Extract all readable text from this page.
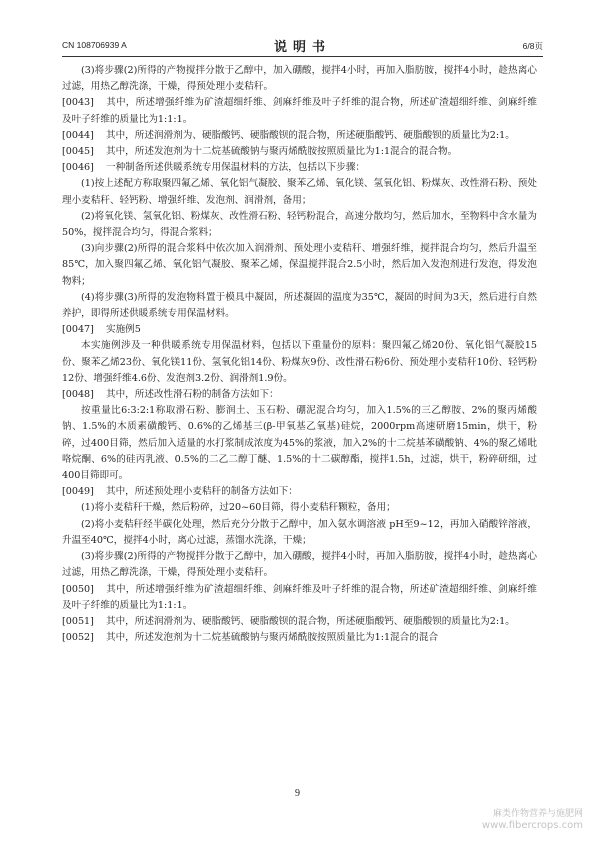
CN 108706939 A	说明书	6/8页

(3)将步骤(2)所得的产物搅拌分散于乙醇中，加入硼酸，搅拌4小时，再加入脂肪胺，搅拌4小时，趁热离心过滤，用热乙醇洗涤，干燥，得预处理小麦秸秆。

[0043] 其中，所述增强纤维为矿渣超细纤维、剑麻纤维及叶子纤维的混合物，所述矿渣超细纤维、剑麻纤维及叶子纤维的质量比为1:1:1。

[0044] 其中，所述润滑剂为、硬脂酸钙、硬脂酸钡的混合物，所述硬脂酸钙、硬脂酸钡的质量比为2:1。

[0045] 其中，所述发泡剂为十二烷基硫酸钠与聚丙烯酰胺按照质量比为1:1混合的混合物。

[0046] 一种制备所述供暖系统专用保温材料的方法，包括以下步骤：

(1)按上述配方称取聚四氟乙烯、氧化铝气凝胶、聚苯乙烯、氧化镁、氢氧化铝、粉煤灰、改性滑石粉、预处理小麦秸秆、轻钙粉、增强纤维、发泡剂、润滑剂，备用；

(2)将氧化镁、氢氧化铝、粉煤灰、改性滑石粉、轻钙粉混合，高速分散均匀，然后加水，至物料中含水量为50%，搅拌混合均匀，得混合浆料；

(3)向步骤(2)所得的混合浆料中依次加入润滑剂、预处理小麦秸秆、增强纤维，搅拌混合均匀，然后升温至85℃，加入聚四氟乙烯、氧化铝气凝胶、聚苯乙烯，保温搅拌混合2.5小时，然后加入发泡剂进行发泡，得发泡物料；

(4)将步骤(3)所得的发泡物料置于模具中凝固，所述凝固的温度为35℃，凝固的时间为3天，然后进行自然养护，即得所述供暖系统专用保温材料。

[0047] 实施例5

本实施例涉及一种供暖系统专用保温材料，包括以下重量份的原料：聚四氟乙烯20份、氧化铝气凝胶15份、聚苯乙烯23份、氧化镁11份、氢氧化铝14份、粉煤灰9份、改性滑石粉6份、预处理小麦秸秆10份、轻钙粉12份、增强纤维4.6份、发泡剂3.2份、润滑剂1.9份。

[0048] 其中，所述改性滑石粉的制备方法如下：

按重量比6:3:2:1称取滑石粉、膨润土、玉石粉、硼泥混合均匀，加入1.5%的三乙醇胺、2%的聚丙烯酸钠、1.5%的木质素磺酸钙、0.6%的乙烯基三(β-甲氧基乙氧基)硅烷，2000rpm高速研磨15min，烘干，粉碎，过400目筛，然后加入适量的水打浆制成浓度为45%的浆液，加入2%的十二烷基苯磺酸钠、4%的聚乙烯吡咯烷酮、6%的硅丙乳液、0.5%的二乙二醇丁醚、1.5%的十二碳醇酯，搅拌1.5h，过滤，烘干，粉碎研细，过400目筛即可。

[0049] 其中，所述预处理小麦秸秆的制备方法如下：

(1)将小麦秸秆干燥，然后粉碎，过20~60目筛，得小麦秸秆颗粒，备用；

(2)将小麦秸秆经半碳化处理，然后充分分散于乙醇中，加入氨水调溶液 pH至9~12，再加入硝酸锌溶液，升温至40℃，搅拌4小时，离心过滤，蒸馏水洗涤，干燥；

(3)将步骤(2)所得的产物搅拌分散于乙醇中，加入硼酸，搅拌4小时，再加入脂肪胺，搅拌4小时，趁热离心过滤，用热乙醇洗涤，干燥，得预处理小麦秸秆。

[0050] 其中，所述增强纤维为矿渣超细纤维、剑麻纤维及叶子纤维的混合物，所述矿渣超细纤维、剑麻纤维及叶子纤维的质量比为1:1:1。

[0051] 其中，所述润滑剂为、硬脂酸钙、硬脂酸钡的混合物，所述硬脂酸钙、硬脂酸钡的质量比为2:1。

[0052] 其中，所述发泡剂为十二烷基硫酸钠与聚丙烯酰胺按照质量比为1:1混合的混合

9
麻类作物营养与施肥网
www.fibercrops.com
